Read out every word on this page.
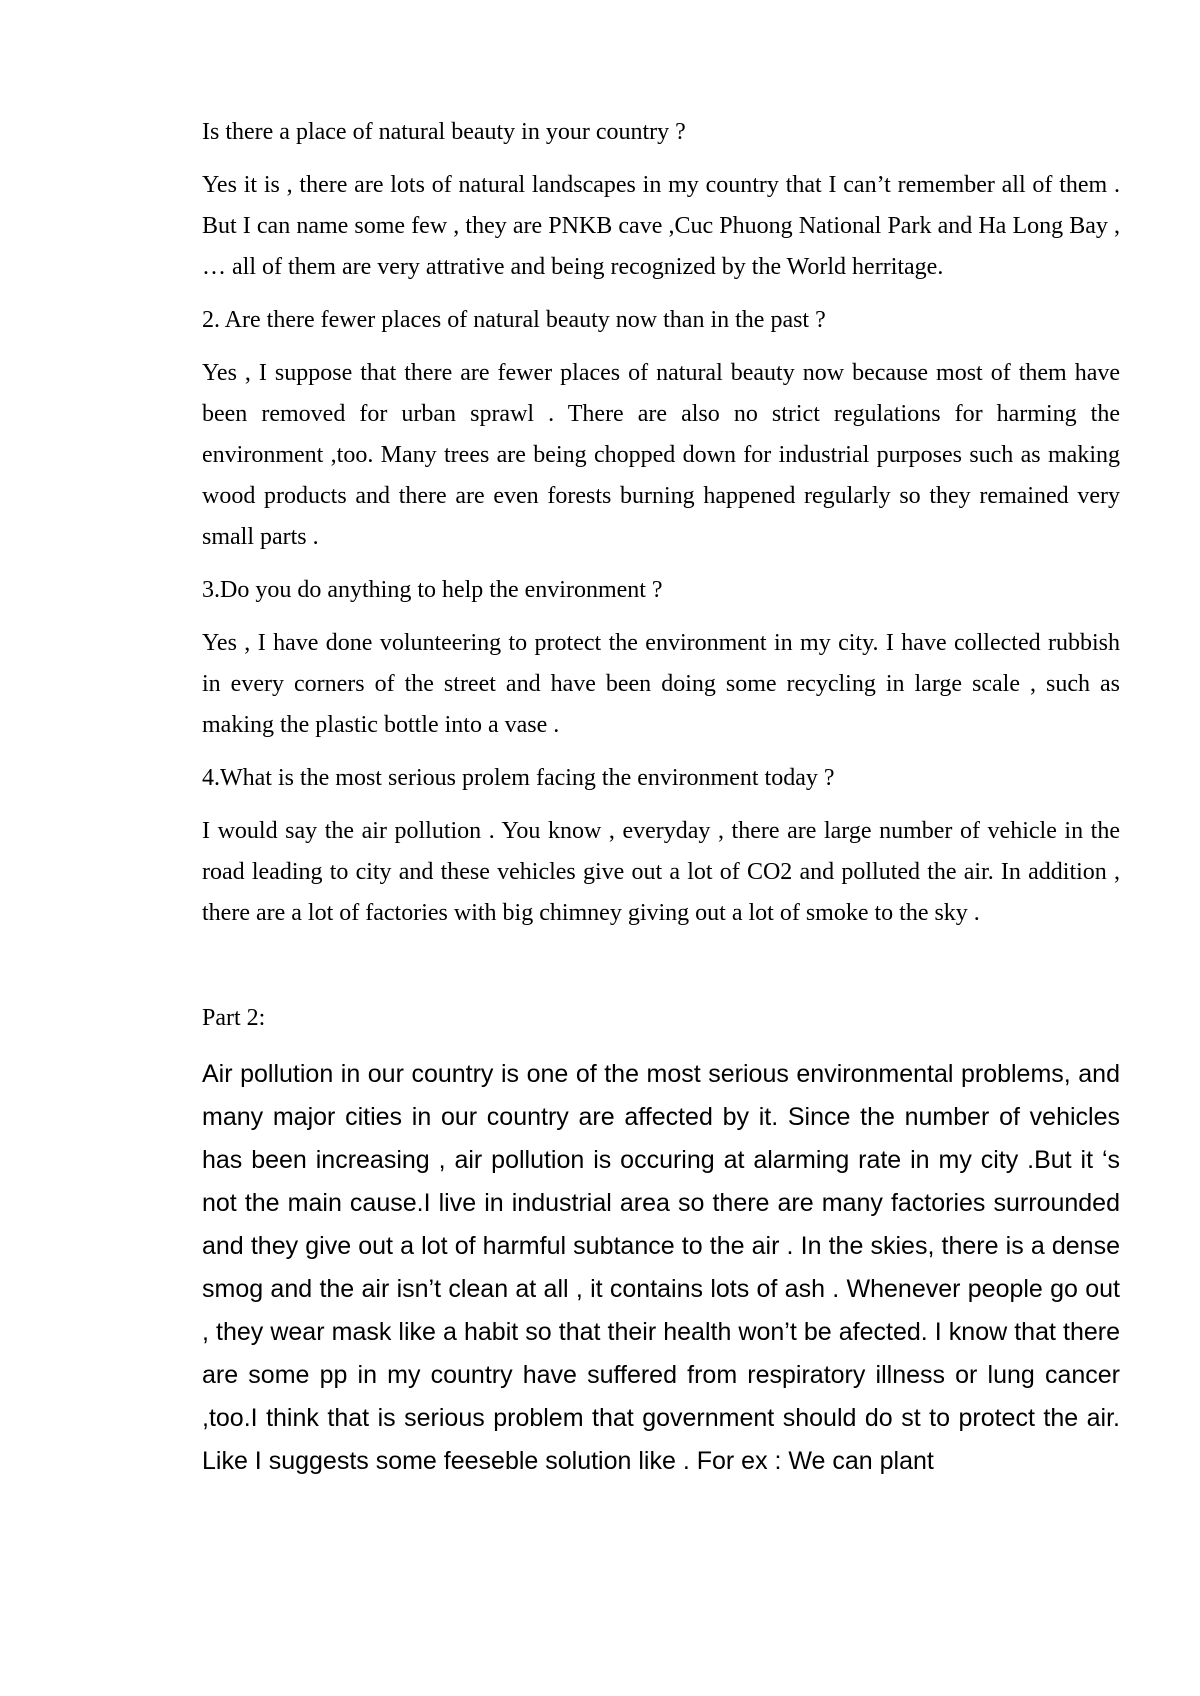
Is there a place of natural beauty in your country ?

Yes it is , there are lots of natural landscapes in my country that I can’t remember all of them . But I can name some few , they are PNKB cave ,Cuc Phuong National Park and Ha Long Bay , … all of them are very attrative and being recognized by the World herritage.

2. Are there fewer places of natural beauty now than in the past ?

Yes , I suppose that there are fewer places of natural beauty now because most of them have been removed for urban sprawl . There are also no strict regulations for harming the environment ,too. Many trees are being chopped down for industrial purposes such as making wood products and there are even forests burning happened regularly so they remained very small parts .

3.Do you do anything to help the environment ?

Yes , I have done volunteering to protect the environment in my city. I have collected rubbish in every corners of the street and have been doing some recycling in large scale , such as making the plastic bottle into a vase .

4.What is the most serious prolem facing the environment today ?

I would say the air pollution . You know , everyday , there are large number of vehicle in the road leading to city and these vehicles give out a lot of CO2 and polluted the air. In addition , there are a lot of factories with big chimney giving out a lot of smoke to the sky .

Part 2:

Air pollution in our country is one of the most serious environmental problems, and many major cities in our country are affected by it. Since the number of vehicles has been increasing , air pollution is occuring at alarming rate in my city .But it ‘s not the main cause.I live in industrial area so there are many factories surrounded and they give out a lot of harmful subtance to the air . In the skies, there is a dense smog and the air isn’t clean at all , it contains lots of ash . Whenever people go out , they wear mask like a habit so that their health won’t be afected. I know that there are some pp in my country have suffered from respiratory illness or lung cancer ,too.I think that is serious problem that government should do st to protect the air. Like I suggests some feeseble solution like . For ex : We can plant
